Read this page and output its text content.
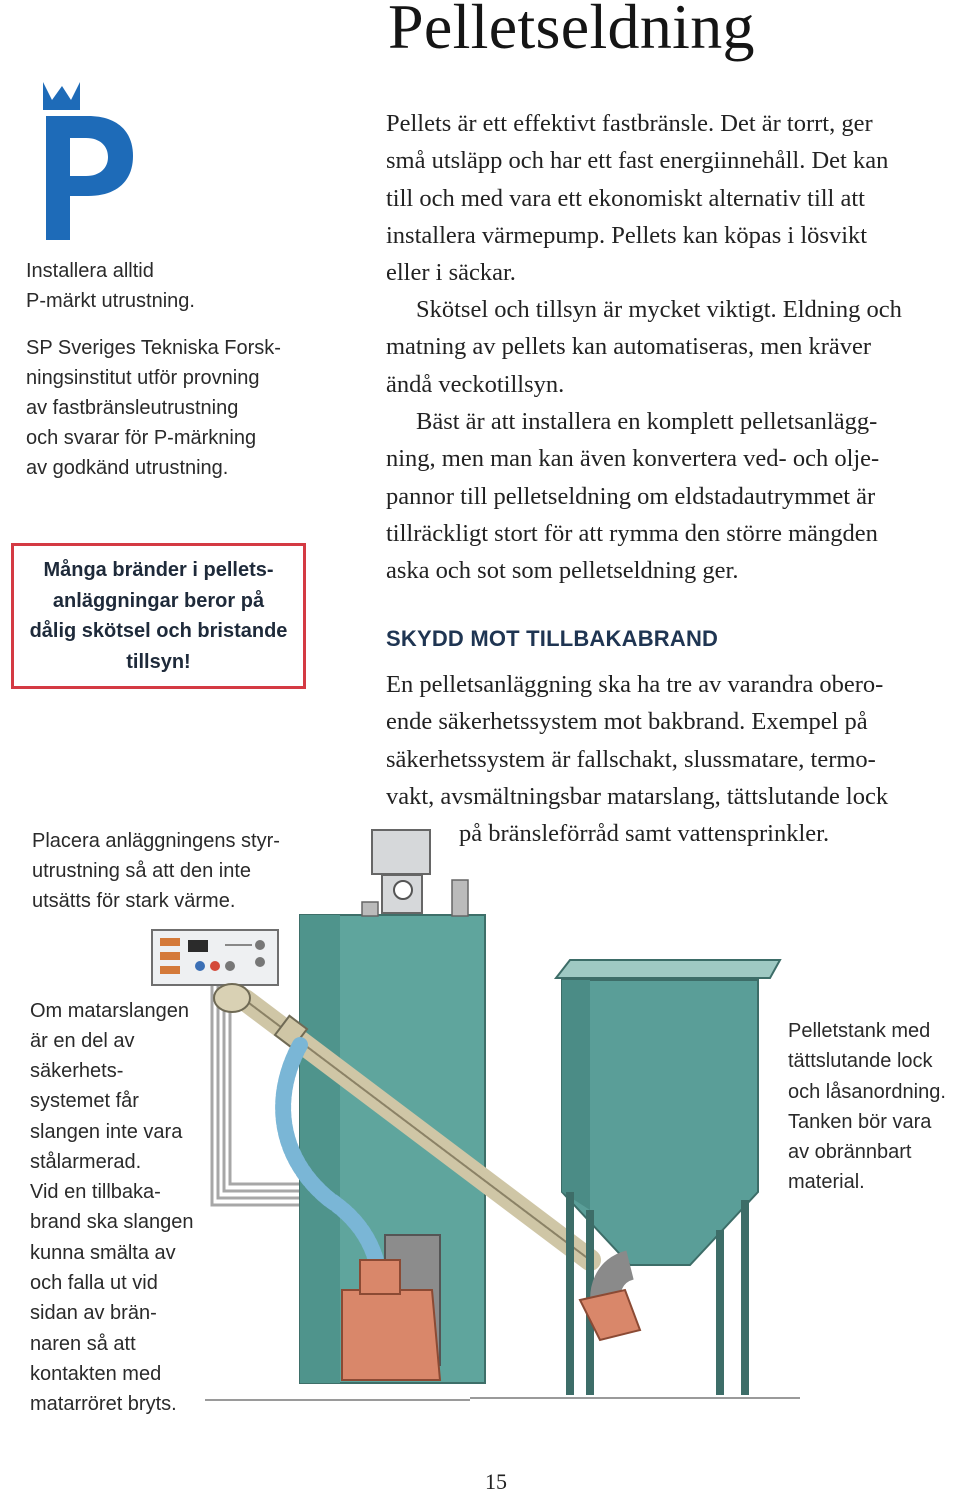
Pelletseldning

Installera alltid
P-märkt utrustning.

SP Sveriges Tekniska Forsk-
ningsinstitut utför provning
av fastbränsleutrustning
och svarar för P-märkning
av godkänd utrustning.

Många bränder i pellets-
anläggningar beror på
dålig skötsel och bristande
tillsyn!

Placera anläggningens styr-
utrustning så att den inte
utsätts för stark värme.

Pellets är ett effektivt fastbränsle. Det är torrt, ger
små utsläpp och har ett fast energiinnehåll. Det kan
till och med vara ett ekonomiskt alternativ till att
installera värmepump. Pellets kan köpas i lösvikt
eller i säckar.

Skötsel och tillsyn är mycket viktigt. Eldning och
matning av pellets kan automatiseras, men kräver
ändå veckotillsyn.

Bäst är att installera en komplett pelletsanlägg-
ning, men man kan även konvertera ved- och olje-
pannor till pelletseldning om eldstadautrymmet är
tillräckligt stort för att rymma den större mängden
aska och sot som pelletseldning ger.

SKYDD MOT TILLBAKABRAND

En pelletsanläggning ska ha tre av varandra obero-
ende säkerhetssystem mot bakbrand. Exempel på
säkerhetssystem är fallschakt, slussmatare, termo-
vakt, avsmältningsbar matarslang, tättslutande lock
på bränsleförråd samt vattensprinkler.

Om matarslangen är en del av säkerhets- systemet får slangen inte vara stålarmerad. Vid en tillbaka- brand ska slangen kunna smälta av och falla ut vid sidan av brän- naren så att kontakten med matarröret bryts.
Pelletstank med tättslutande lock och låsanordning. Tanken bör vara av obrännbart material.
15
